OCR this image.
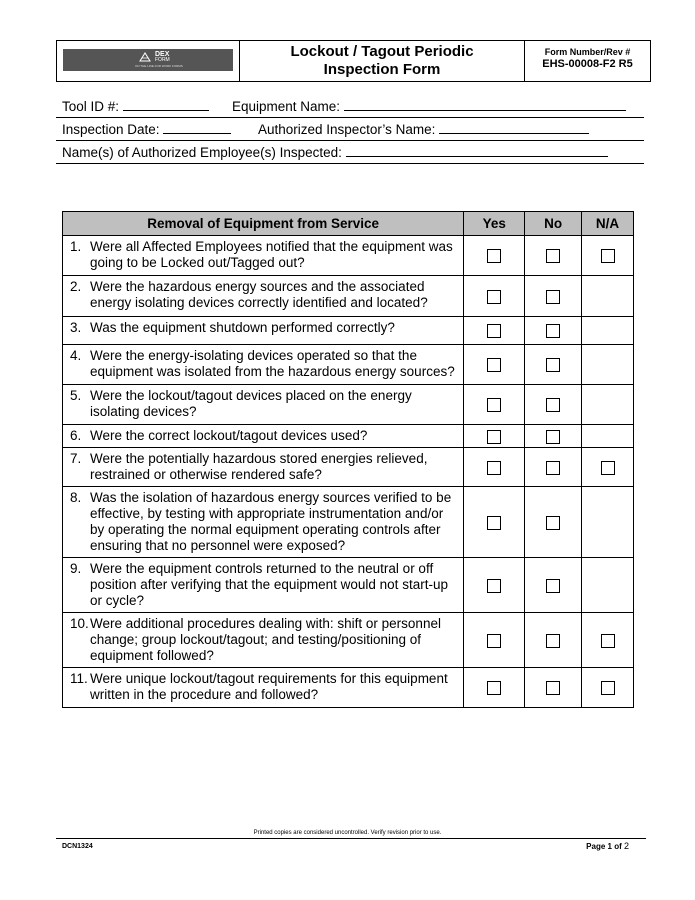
DEX
FORM
ON THE LINE FOR WORK FORMS
Lockout / Tagout Periodic
Inspection Form
Form Number/Rev #
EHS-00008-F2 R5
Tool ID #:	Equipment Name:
Inspection Date:	Authorized Inspector’s Name:
Name(s) of Authorized Employee(s) Inspected:
Removal of Equipment from Service	Yes	No	N/A

1. Were all Affected Employees notified that the equipment was going to be Locked out/Tagged out?			

2. Were the hazardous energy sources and the associated energy isolating devices correctly identified and located?			

3. Was the equipment shutdown performed correctly?			

4. Were the energy-isolating devices operated so that the equipment was isolated from the hazardous energy sources?			

5. Were the lockout/tagout devices placed on the energy isolating devices?			

6. Were the correct lockout/tagout devices used?			

7. Were the potentially hazardous stored energies relieved, restrained or otherwise rendered safe?			

8. Was the isolation of hazardous energy sources verified to be effective, by testing with appropriate instrumentation and/or by operating the normal equipment operating controls after ensuring that no personnel were exposed?			

9. Were the equipment controls returned to the neutral or off position after verifying that the equipment would not start-up or cycle?			

10. Were additional procedures dealing with: shift or personnel change; group lockout/tagout; and testing/positioning of equipment followed?			

11. Were unique lockout/tagout requirements for this equipment written in the procedure and followed?			

Printed copies are considered uncontrolled. Verify revision prior to use.
DCN1324	Page 1 of 2
